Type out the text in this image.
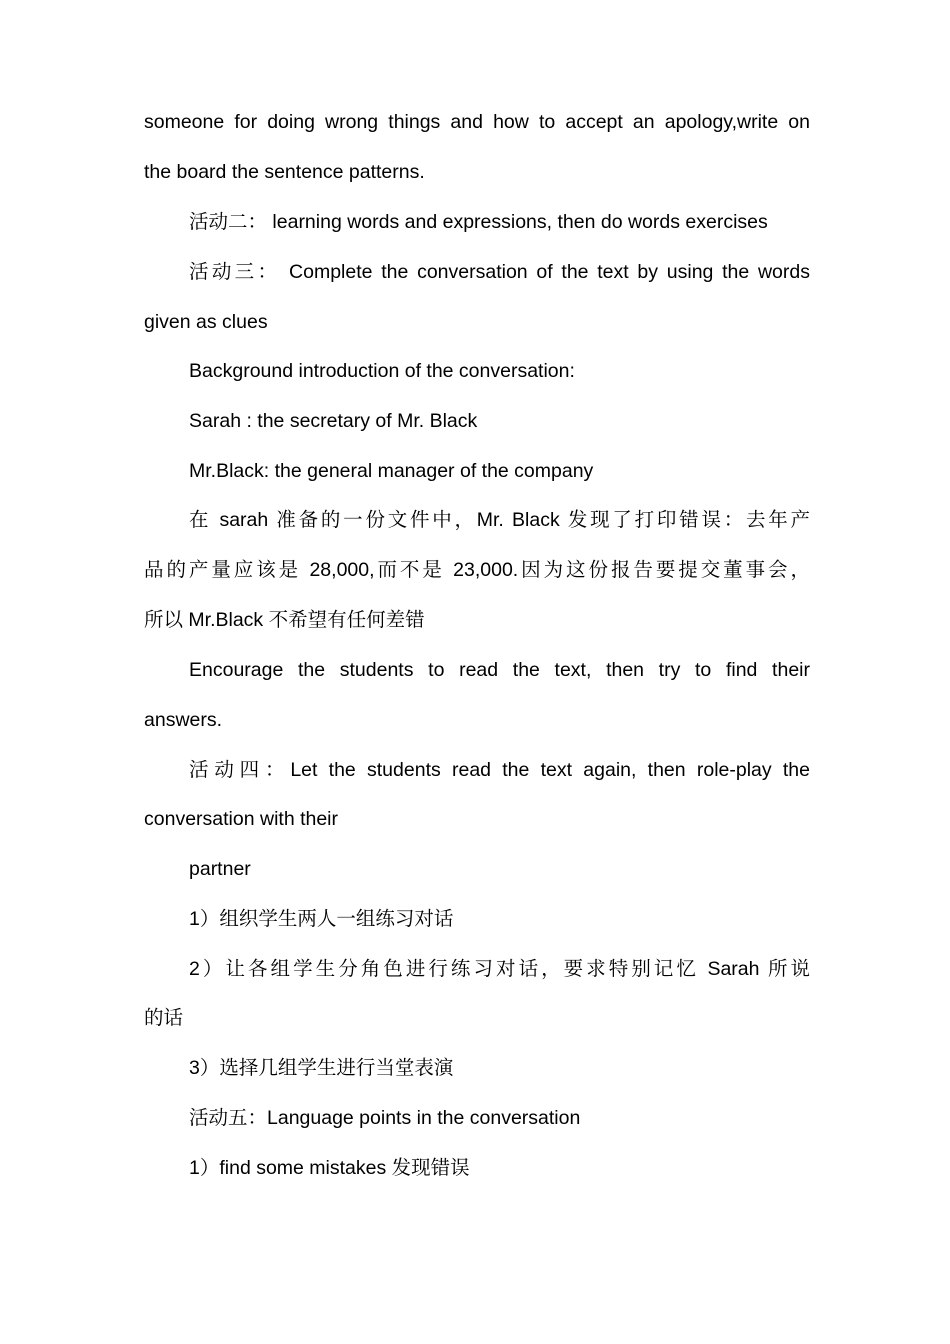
someone for doing wrong things and how to accept an apology,write on
the board the sentence patterns.
活动二： learning words and expressions, then do words exercises
活动三： Complete the conversation of the text by using the words
given as clues
Background introduction of the conversation:
Sarah : the secretary of Mr. Black
Mr.Black: the general manager of the company
在 sarah 准备的一份文件中，Mr. Black 发现了打印错误：去年产
品的产量应该是 28,000,而不是 23,000.因为这份报告要提交董事会，
所以 Mr.Black 不希望有任何差错
Encourage the students to read the text, then try to find their
answers.
活动四：Let the students read the text again, then role-play the
conversation with their
partner
1）组织学生两人一组练习对话
2）让各组学生分角色进行练习对话，要求特别记忆 Sarah 所说
的话
3）选择几组学生进行当堂表演
活动五：Language points in the conversation
1）find some mistakes 发现错误
